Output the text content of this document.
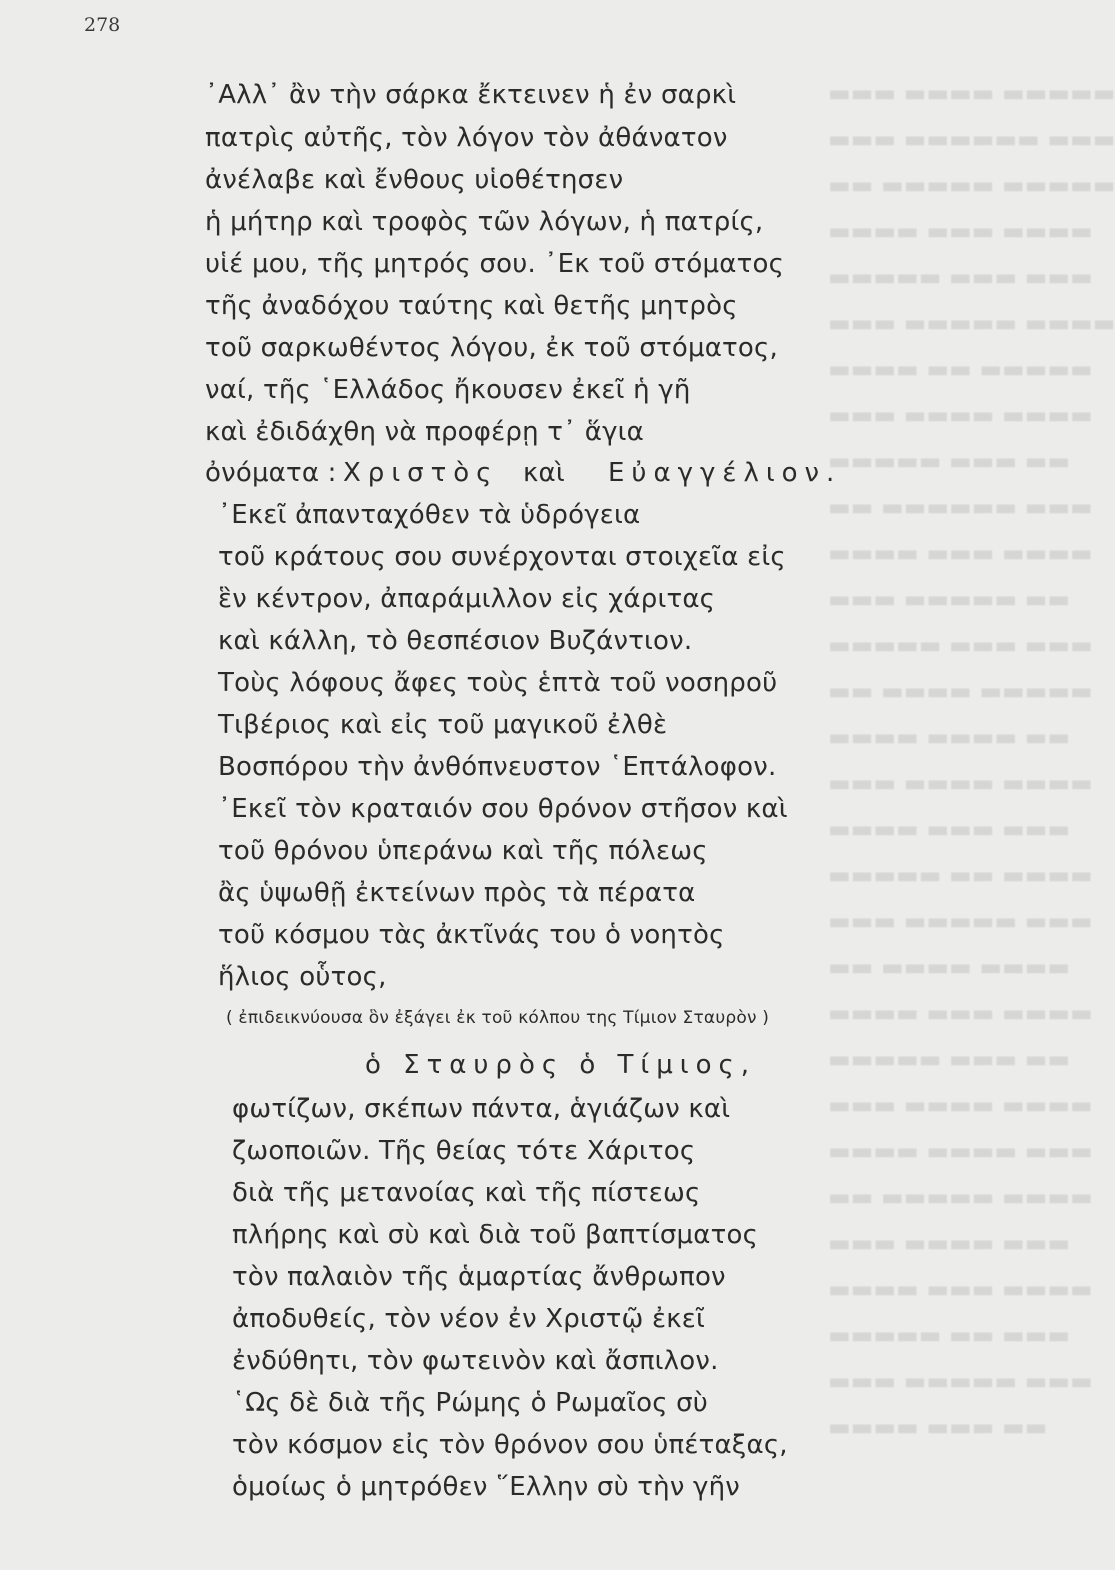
278
▬▬▬ ▬▬▬▬ ▬▬▬▬▬
▬▬▬ ▬▬▬▬▬▬ ▬▬▬
▬▬ ▬▬▬▬▬ ▬▬▬▬▬
▬▬▬▬ ▬▬▬ ▬▬▬▬
▬▬▬▬▬ ▬▬▬ ▬▬▬
▬▬▬ ▬▬▬▬▬ ▬▬▬▬
▬▬▬▬ ▬▬ ▬▬▬▬▬
▬▬▬ ▬▬▬▬ ▬▬▬▬
▬▬▬▬▬ ▬▬▬ ▬▬
▬▬ ▬▬▬▬▬▬ ▬▬▬
▬▬▬▬ ▬▬▬ ▬▬▬▬
▬▬▬ ▬▬▬▬▬ ▬▬
▬▬▬▬▬ ▬▬▬ ▬▬▬
▬▬ ▬▬▬▬ ▬▬▬▬▬
▬▬▬▬ ▬▬▬▬ ▬▬
▬▬▬ ▬▬▬▬ ▬▬▬▬
▬▬▬▬ ▬▬▬ ▬▬▬
▬▬▬▬▬ ▬▬ ▬▬▬▬
▬▬▬ ▬▬▬▬▬ ▬▬▬
▬▬ ▬▬▬▬ ▬▬▬▬
▬▬▬▬ ▬▬▬ ▬▬▬▬
▬▬▬▬▬ ▬▬▬ ▬▬
▬▬▬ ▬▬▬▬ ▬▬▬▬
▬▬▬▬ ▬▬▬▬ ▬▬▬
▬▬ ▬▬▬▬▬ ▬▬▬▬
▬▬▬ ▬▬▬▬ ▬▬▬
▬▬▬▬ ▬▬▬ ▬▬▬▬
▬▬▬▬▬ ▬▬ ▬▬▬
▬▬▬ ▬▬▬▬▬ ▬▬▬
▬▬▬▬ ▬▬▬ ▬▬
᾽Αλλ᾽ ἂν τὴν σάρκα ἔκτεινεν ἡ ἐν σαρκὶ
πατρὶς αὐτῆς, τὸν λόγον τὸν ἀθάνατον
ἀνέλαβε καὶ ἔνθους υἱοθέτησεν
ἡ μήτηρ καὶ τροφὸς τῶν λόγων, ἡ πατρίς,
υἱέ μου, τῆς μητρός σου. ᾽Εκ τοῦ στόματος
τῆς ἀναδόχου ταύτης καὶ θετῆς μητρὸς
τοῦ σαρκωθέντος λόγου, ἐκ τοῦ στόματος,
ναί, τῆς ῾Ελλάδος ἤκουσεν ἐκεῖ ἡ γῆ
καὶ ἐδιδάχθη νὰ προφέρῃ τ᾽ ἅγια
ὀνόματα : Χριστὸς καὶ Εὐαγγέλιον.
᾽Εκεῖ ἀπανταχόθεν τὰ ὑδρόγεια
τοῦ κράτους σου συνέρχονται στοιχεῖα εἰς
ἓν κέντρον, ἀπαράμιλλον εἰς χάριτας
καὶ κάλλη, τὸ θεσπέσιον Βυζάντιον.
Τοὺς λόφους ἄφες τοὺς ἑπτὰ τοῦ νοσηροῦ
Τιβέριος καὶ εἰς τοῦ μαγικοῦ ἐλθὲ
Βοσπόρου τὴν ἀνθόπνευστον ῾Επτάλοφον.
᾽Εκεῖ τὸν κραταιόν σου θρόνον στῆσον καὶ
τοῦ θρόνου ὑπεράνω καὶ τῆς πόλεως
ἂς ὑψωθῇ ἐκτείνων πρὸς τὰ πέρατα
τοῦ κόσμου τὰς ἀκτῖνάς του ὁ νοητὸς
ἥλιος οὗτος,
( ἐπιδεικνύουσα ὃν ἐξάγει ἐκ τοῦ κόλπου της Τίμιον Σταυρὸν )
ὁ Σταυρὸς ὁ Τίμιος,
φωτίζων, σκέπων πάντα, ἁγιάζων καὶ
ζωοποιῶν. Τῆς θείας τότε Χάριτος
διὰ τῆς μετανοίας καὶ τῆς πίστεως
πλήρης καὶ σὺ καὶ διὰ τοῦ βαπτίσματος
τὸν παλαιὸν τῆς ἁμαρτίας ἄνθρωπον
ἀποδυθείς, τὸν νέον ἐν Χριστῷ ἐκεῖ
ἐνδύθητι, τὸν φωτεινὸν καὶ ἄσπιλον.
῾Ως δὲ διὰ τῆς Ρώμης ὁ Ρωμαῖος σὺ
τὸν κόσμον εἰς τὸν θρόνον σου ὑπέταξας,
ὁμοίως ὁ μητρόθεν ῞Ελλην σὺ τὴν γῆν
